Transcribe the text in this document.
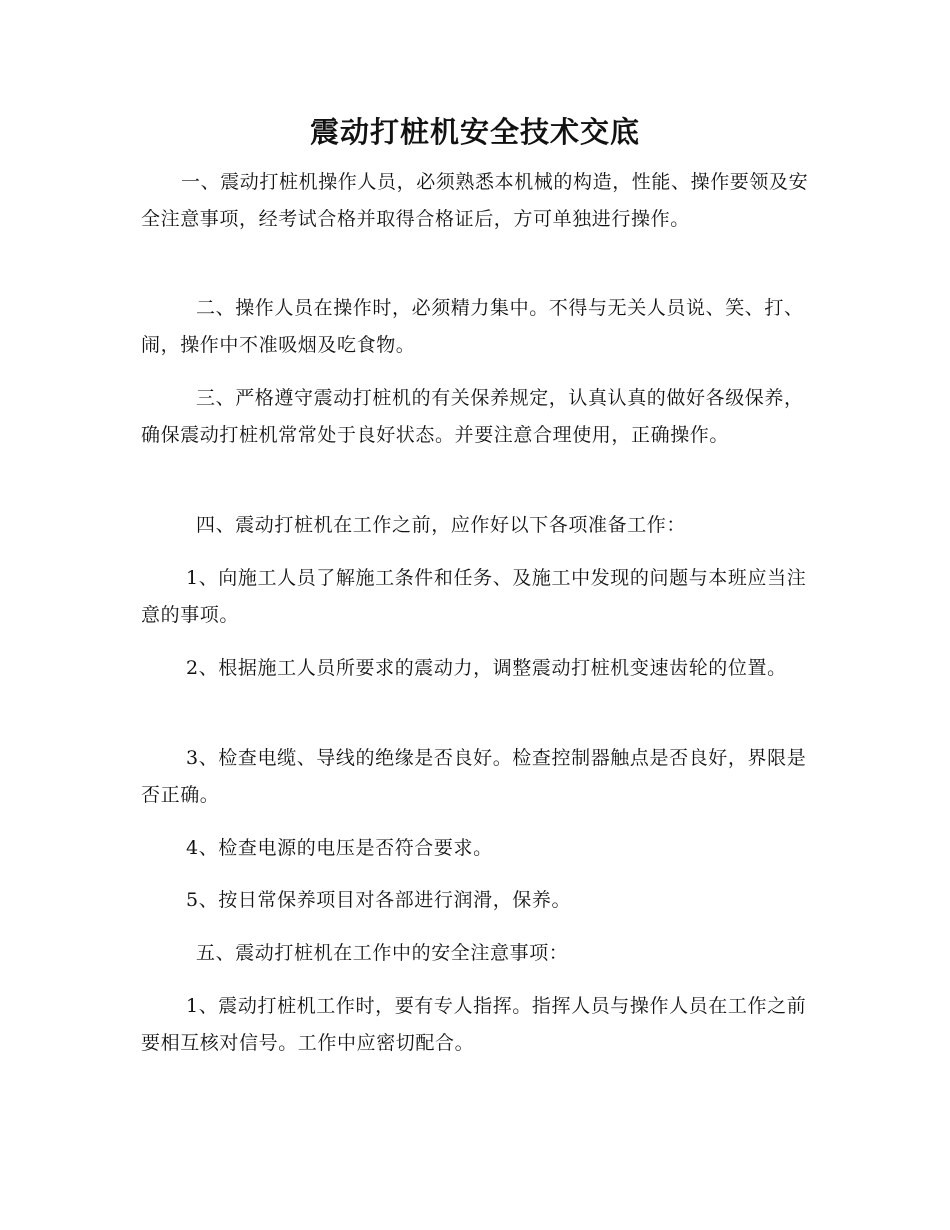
震动打桩机安全技术交底

一、震动打桩机操作人员，必须熟悉本机械的构造，性能、操作要领及安全注意事项，经考试合格并取得合格证后，方可单独进行操作。

二、操作人员在操作时，必须精力集中。不得与无关人员说、笑、打、闹，操作中不准吸烟及吃食物。

三、严格遵守震动打桩机的有关保养规定，认真认真的做好各级保养，确保震动打桩机常常处于良好状态。并要注意合理使用，正确操作。

四、震动打桩机在工作之前，应作好以下各项准备工作：

1、向施工人员了解施工条件和任务、及施工中发现的问题与本班应当注意的事项。

2、根据施工人员所要求的震动力，调整震动打桩机变速齿轮的位置。

3、检查电缆、导线的绝缘是否良好。检查控制器触点是否良好，界限是否正确。

4、检查电源的电压是否符合要求。

5、按日常保养项目对各部进行润滑，保养。

五、震动打桩机在工作中的安全注意事项：

1、震动打桩机工作时，要有专人指挥。指挥人员与操作人员在工作之前要相互核对信号。工作中应密切配合。
